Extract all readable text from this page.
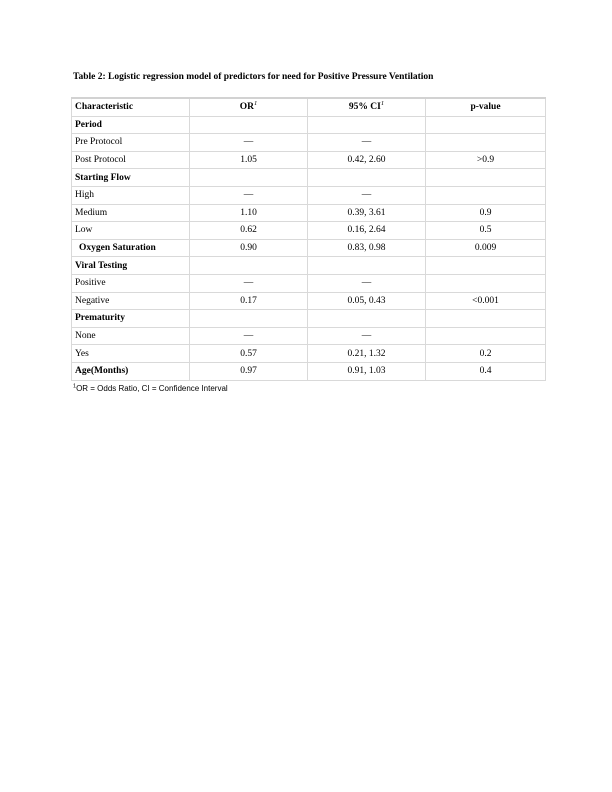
Table 2: Logistic regression model of predictors for need for Positive Pressure Ventilation
Characteristic	$OR^1$	95% $CI^1$	p-value
Period			
Pre Protocol	—	—	
Post Protocol	1.05	0.42, 2.60	>0.9
Starting Flow			
High	—	—	
Medium	1.10	0.39, 3.61	0.9
Low	0.62	0.16, 2.64	0.5
Oxygen Saturation	0.90	0.83, 0.98	0.009
Viral Testing			
Positive	—	—	
Negative	0.17	0.05, 0.43	<0.001
Prematurity			
None	—	—	
Yes	0.57	0.21, 1.32	0.2
Age(Months)	0.97	0.91, 1.03	0.4
$^1$OR = Odds Ratio, CI = Confidence Interval
